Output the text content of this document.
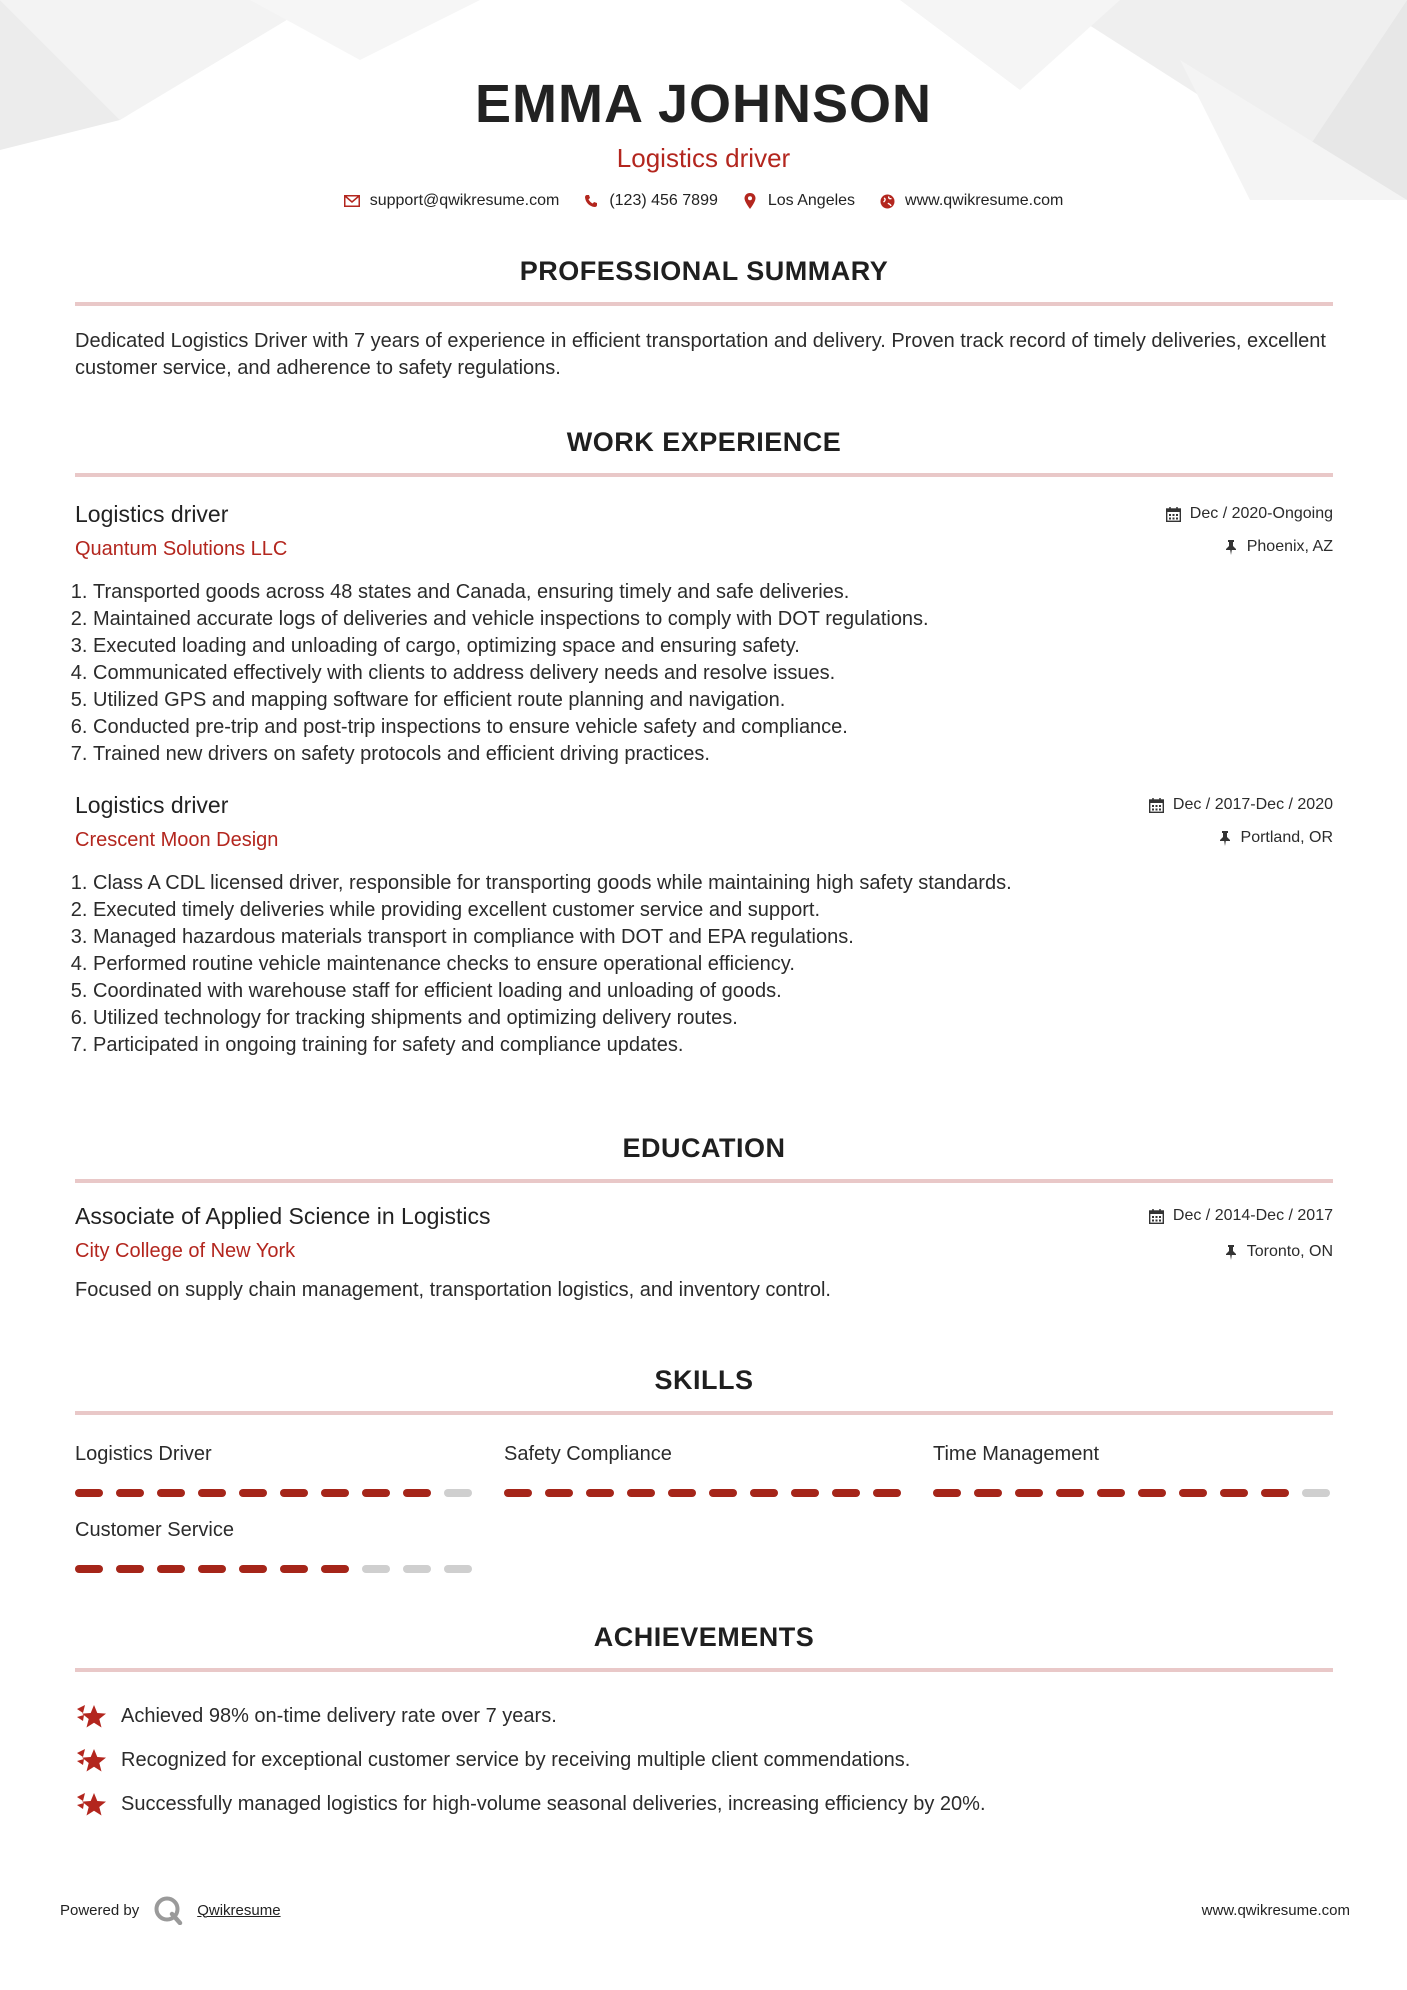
EMMA JOHNSON
Logistics driver
support@qwikresume.com	(123) 456 7899	Los Angeles	www.qwikresume.com
PROFESSIONAL SUMMARY

Dedicated Logistics Driver with 7 years of experience in efficient transportation and delivery. Proven track record of timely deliveries, excellent customer service, and adherence to safety regulations.

WORK EXPERIENCE
Logistics driver
Quantum Solutions LLC
Dec / 2020-Ongoing
Phoenix, AZ
1. Transported goods across 48 states and Canada, ensuring timely and safe deliveries.
2. Maintained accurate logs of deliveries and vehicle inspections to comply with DOT regulations.
3. Executed loading and unloading of cargo, optimizing space and ensuring safety.
4. Communicated effectively with clients to address delivery needs and resolve issues.
5. Utilized GPS and mapping software for efficient route planning and navigation.
6. Conducted pre-trip and post-trip inspections to ensure vehicle safety and compliance.
7. Trained new drivers on safety protocols and efficient driving practices.
Logistics driver
Crescent Moon Design
Dec / 2017-Dec / 2020
Portland, OR
1. Class A CDL licensed driver, responsible for transporting goods while maintaining high safety standards.
2. Executed timely deliveries while providing excellent customer service and support.
3. Managed hazardous materials transport in compliance with DOT and EPA regulations.
4. Performed routine vehicle maintenance checks to ensure operational efficiency.
5. Coordinated with warehouse staff for efficient loading and unloading of goods.
6. Utilized technology for tracking shipments and optimizing delivery routes.
7. Participated in ongoing training for safety and compliance updates.
EDUCATION
Associate of Applied Science in Logistics
City College of New York
Dec / 2014-Dec / 2017
Toronto, ON

Focused on supply chain management, transportation logistics, and inventory control.

SKILLS
Logistics Driver	Safety Compliance	Time Management
Customer Service
ACHIEVEMENTS
Achieved 98% on-time delivery rate over 7 years.
Recognized for exceptional customer service by receiving multiple client commendations.
Successfully managed logistics for high-volume seasonal deliveries, increasing efficiency by 20%.
Powered by	Qwikresume	www.qwikresume.com
